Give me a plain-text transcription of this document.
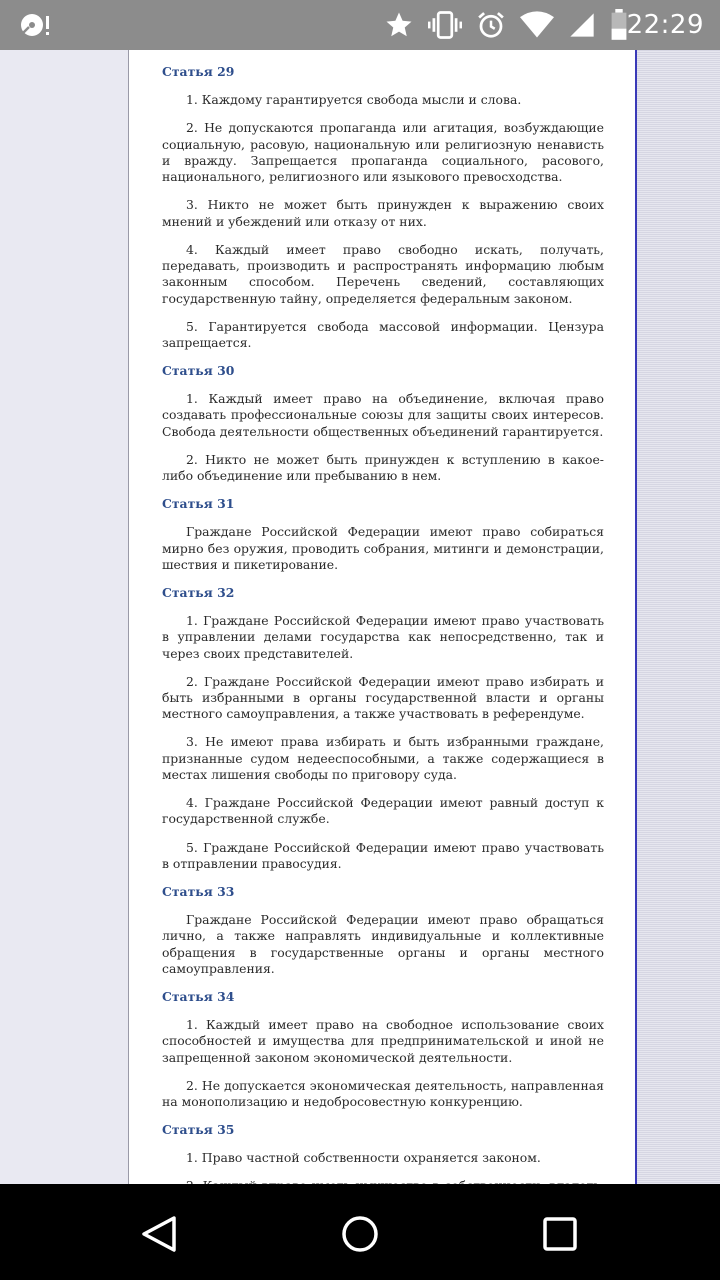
22:29

Статья 29

1. Каждому гарантируется свобода мысли и слова.

2. Не допускаются пропаганда или агитация, возбуждающие социальную, расовую, национальную или религиозную ненависть и вражду. Запрещается пропаганда социального, расового, национального, религиозного или языкового превосходства.

3. Никто не может быть принужден к выражению своих мнений и убеждений или отказу от них.

4. Каждый имеет право свободно искать, получать, передавать, производить и распространять информацию любым законным способом. Перечень сведений, составляющих государственную тайну, определяется федеральным законом.

5. Гарантируется свобода массовой информации. Цензура запрещается.

Статья 30

1. Каждый имеет право на объединение, включая право создавать профессиональные союзы для защиты своих интересов. Свобода деятельности общественных объединений гарантируется.

2. Никто не может быть принужден к вступлению в какое-либо объединение или пребыванию в нем.

Статья 31

Граждане Российской Федерации имеют право собираться мирно без оружия, проводить собрания, митинги и демонстрации, шествия и пикетирование.

Статья 32

1. Граждане Российской Федерации имеют право участвовать в управлении делами государства как непосредственно, так и через своих представителей.

2. Граждане Российской Федерации имеют право избирать и быть избранными в органы государственной власти и органы местного самоуправления, а также участвовать в референдуме.

3. Не имеют права избирать и быть избранными граждане, признанные судом недееспособными, а также содержащиеся в местах лишения свободы по приговору суда.

4. Граждане Российской Федерации имеют равный доступ к государственной службе.

5. Граждане Российской Федерации имеют право участвовать в отправлении правосудия.

Статья 33

Граждане Российской Федерации имеют право обращаться лично, а также направлять индивидуальные и коллективные обращения в государственные органы и органы местного самоуправления.

Статья 34

1. Каждый имеет право на свободное использование своих способностей и имущества для предпринимательской и иной не запрещенной законом экономической деятельности.

2. Не допускается экономическая деятельность, направленная на монополизацию и недобросовестную конкуренцию.

Статья 35

1. Право частной собственности охраняется законом.
